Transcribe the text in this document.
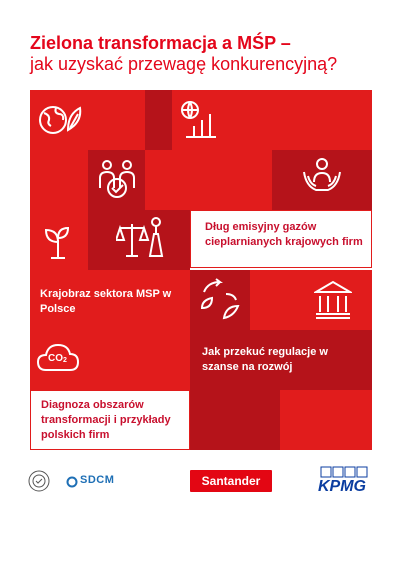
Zielona transformacja a MŚP –
jak uzyskać przewagę konkurencyjną?
Dług emisyjny gazów cieplarnianych krajowych firm
Krajobraz sektora MSP w Polsce
CO 2
Jak przekuć regulacje w szanse na rozwój
Diagnoza obszarów transformacji i przykłady polskich firm
SDCM	Santander	KPMG
